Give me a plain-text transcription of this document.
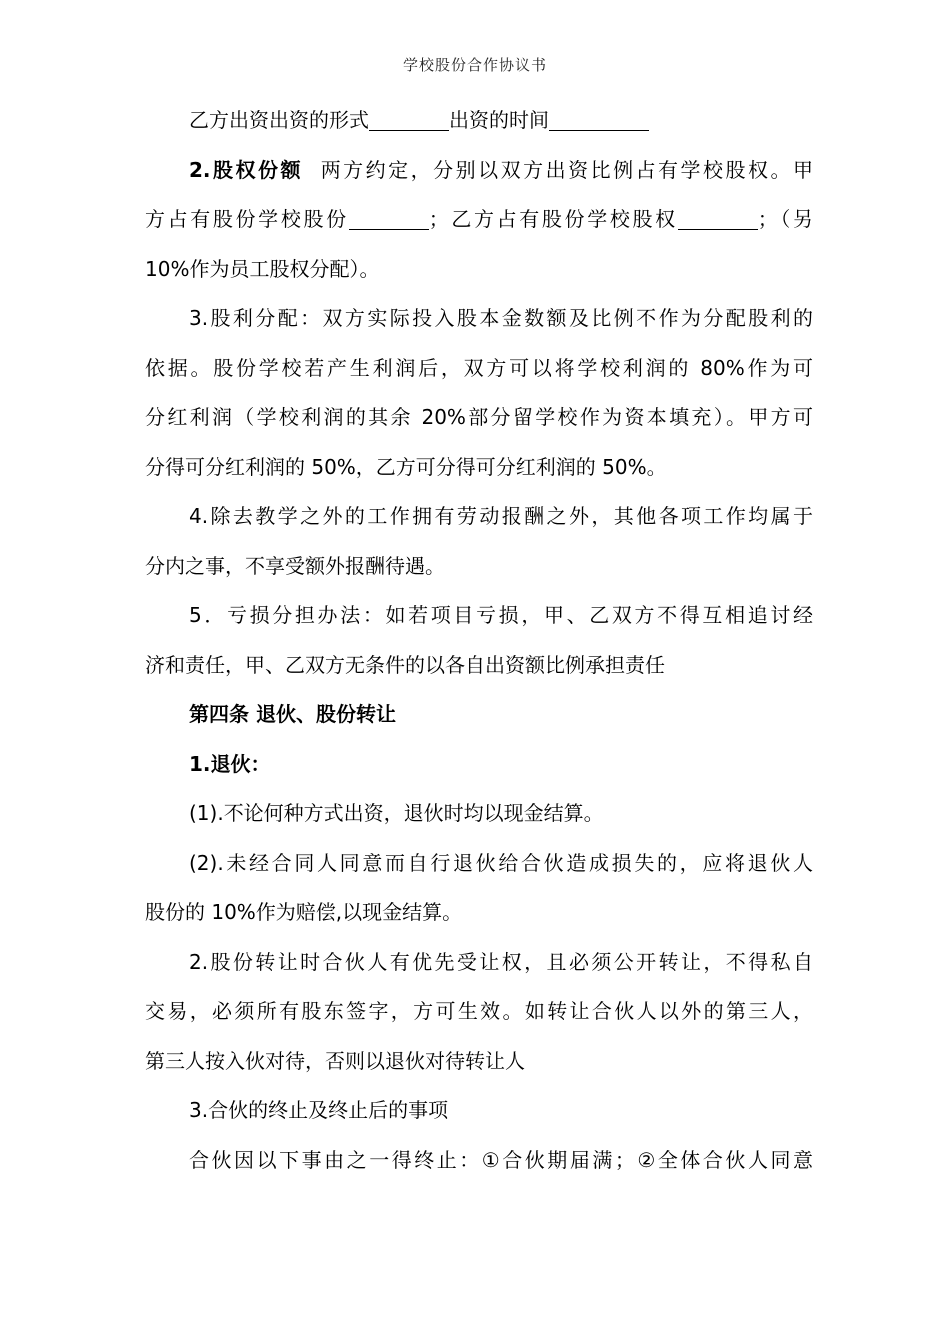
学校股份合作协议书
乙方出资出资的形式	出资的时间
2.股权份额 两方约定，分别以双方出资比例占有学校股权。甲
方占有股份学校股份	；乙方占有股份学校股权	；（另
10%作为员工股权分配）。
3.股利分配：双方实际投入股本金数额及比例不作为分配股利的
依据。股份学校若产生利润后，双方可以将学校利润的 80%作为可
分红利润（学校利润的其余 20%部分留学校作为资本填充）。甲方可
分得可分红利润的 50%，乙方可分得可分红利润的 50%。
4.除去教学之外的工作拥有劳动报酬之外，其他各项工作均属于
分内之事，不享受额外报酬待遇。
5．亏损分担办法：如若项目亏损，甲、乙双方不得互相追讨经
济和责任，甲、乙双方无条件的以各自出资额比例承担责任
第四条 退伙、股份转让
1.退伙：
(1).不论何种方式出资，退伙时均以现金结算。
(2).未经合同人同意而自行退伙给合伙造成损失的，应将退伙人
股份的 10%作为赔偿,以现金结算。
2.股份转让时合伙人有优先受让权，且必须公开转让，不得私自
交易，必须所有股东签字，方可生效。如转让合伙人以外的第三人，
第三人按入伙对待，否则以退伙对待转让人
3.合伙的终止及终止后的事项
合伙因以下事由之一得终止：①合伙期届满；②全体合伙人同意
